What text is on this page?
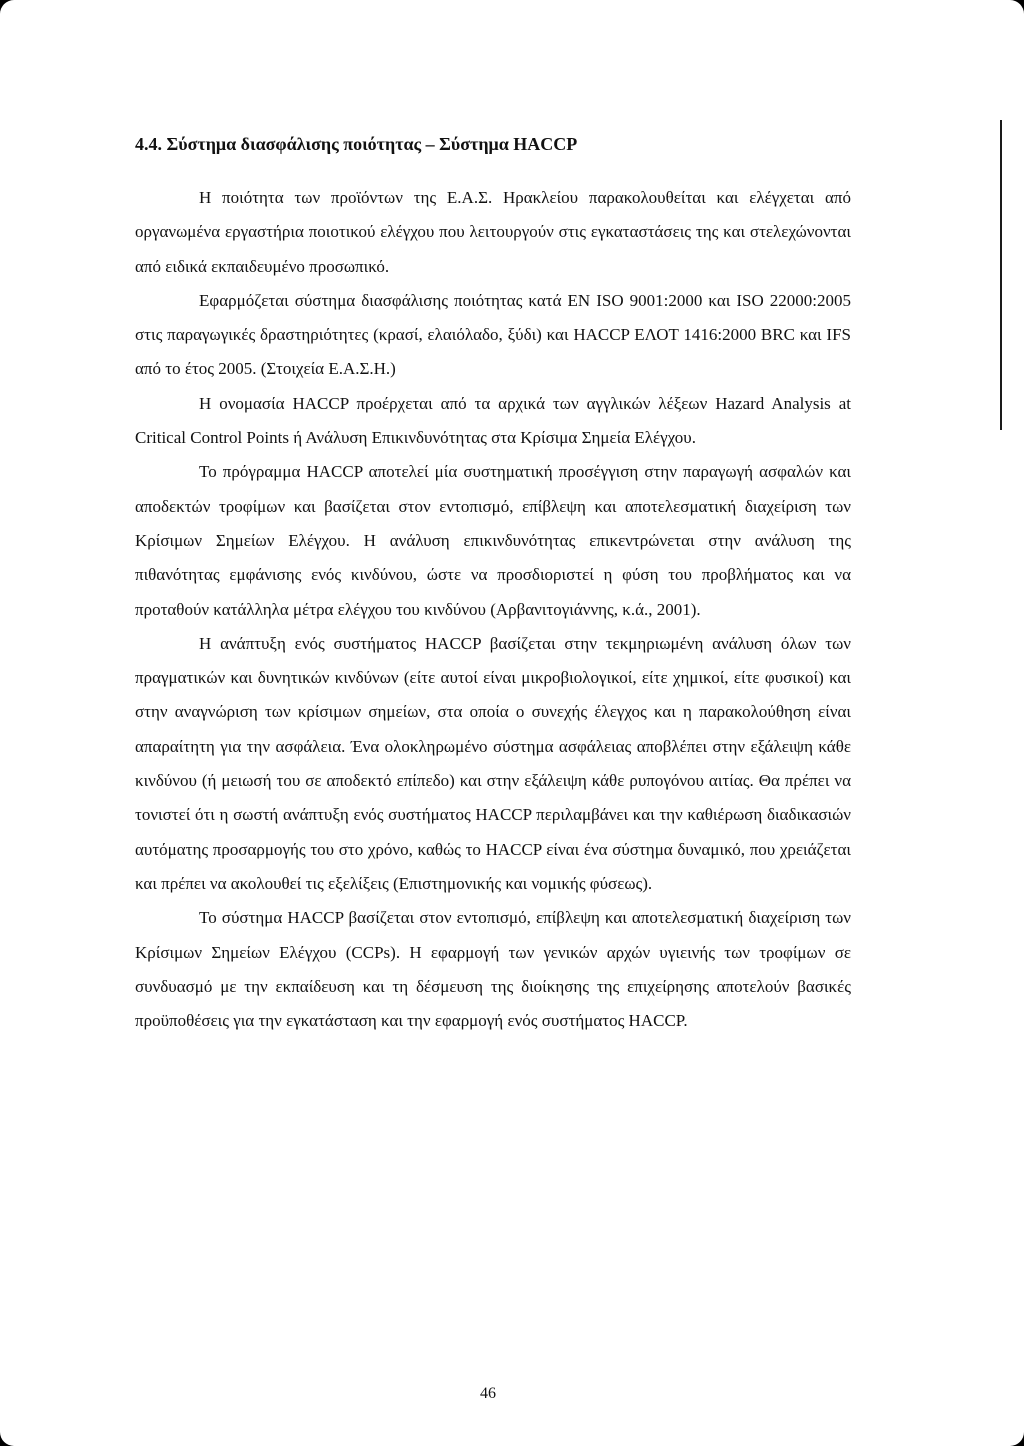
4.4. Σύστημα διασφάλισης ποιότητας – Σύστημα HACCP

Η ποιότητα των προϊόντων της Ε.Α.Σ. Ηρακλείου παρακολουθείται και ελέγχεται από οργανωμένα εργαστήρια ποιοτικού ελέγχου που λειτουργούν στις εγκαταστάσεις της και στελεχώνονται από ειδικά εκπαιδευμένο προσωπικό.

Εφαρμόζεται σύστημα διασφάλισης ποιότητας κατά ΕΝ ISO 9001:2000 και ISO 22000:2005 στις παραγωγικές δραστηριότητες (κρασί, ελαιόλαδο, ξύδι) και HACCP ΕΛΟΤ 1416:2000 BRC και IFS από το έτος 2005. (Στοιχεία Ε.Α.Σ.Η.)

Η ονομασία HACCP προέρχεται από τα αρχικά των αγγλικών λέξεων Hazard Analysis at Critical Control Points ή Ανάλυση Επικινδυνότητας στα Κρίσιμα Σημεία Ελέγχου.

Το πρόγραμμα HACCP αποτελεί μία συστηματική προσέγγιση στην παραγωγή ασφαλών και αποδεκτών τροφίμων και βασίζεται στον εντοπισμό, επίβλεψη και αποτελεσματική διαχείριση των Κρίσιμων Σημείων Ελέγχου. Η ανάλυση επικινδυνότητας επικεντρώνεται στην ανάλυση της πιθανότητας εμφάνισης ενός κινδύνου, ώστε να προσδιοριστεί η φύση του προβλήματος και να προταθούν κατάλληλα μέτρα ελέγχου του κινδύνου (Αρβανιτογιάννης, κ.ά., 2001).

Η ανάπτυξη ενός συστήματος HACCP βασίζεται στην τεκμηριωμένη ανάλυση όλων των πραγματικών και δυνητικών κινδύνων (είτε αυτοί είναι μικροβιολογικοί, είτε χημικοί, είτε φυσικοί) και στην αναγνώριση των κρίσιμων σημείων, στα οποία ο συνεχής έλεγχος και η παρακολούθηση είναι απαραίτητη για την ασφάλεια. Ένα ολοκληρωμένο σύστημα ασφάλειας αποβλέπει στην εξάλειψη κάθε κινδύνου (ή μειωσή του σε αποδεκτό επίπεδο) και στην εξάλειψη κάθε ρυπογόνου αιτίας. Θα πρέπει να τονιστεί ότι η σωστή ανάπτυξη ενός συστήματος HACCP περιλαμβάνει και την καθιέρωση διαδικασιών αυτόματης προσαρμογής του στο χρόνο, καθώς το HACCP είναι ένα σύστημα δυναμικό, που χρειάζεται και πρέπει να ακολουθεί τις εξελίξεις (Επιστημονικής και νομικής φύσεως).

Το σύστημα HACCP βασίζεται στον εντοπισμό, επίβλεψη και αποτελεσματική διαχείριση των Κρίσιμων Σημείων Ελέγχου (CCPs). Η εφαρμογή των γενικών αρχών υγιεινής των τροφίμων σε συνδυασμό με την εκπαίδευση και τη δέσμευση της διοίκησης της επιχείρησης αποτελούν βασικές προϋποθέσεις για την εγκατάσταση και την εφαρμογή ενός συστήματος HACCP.

46
